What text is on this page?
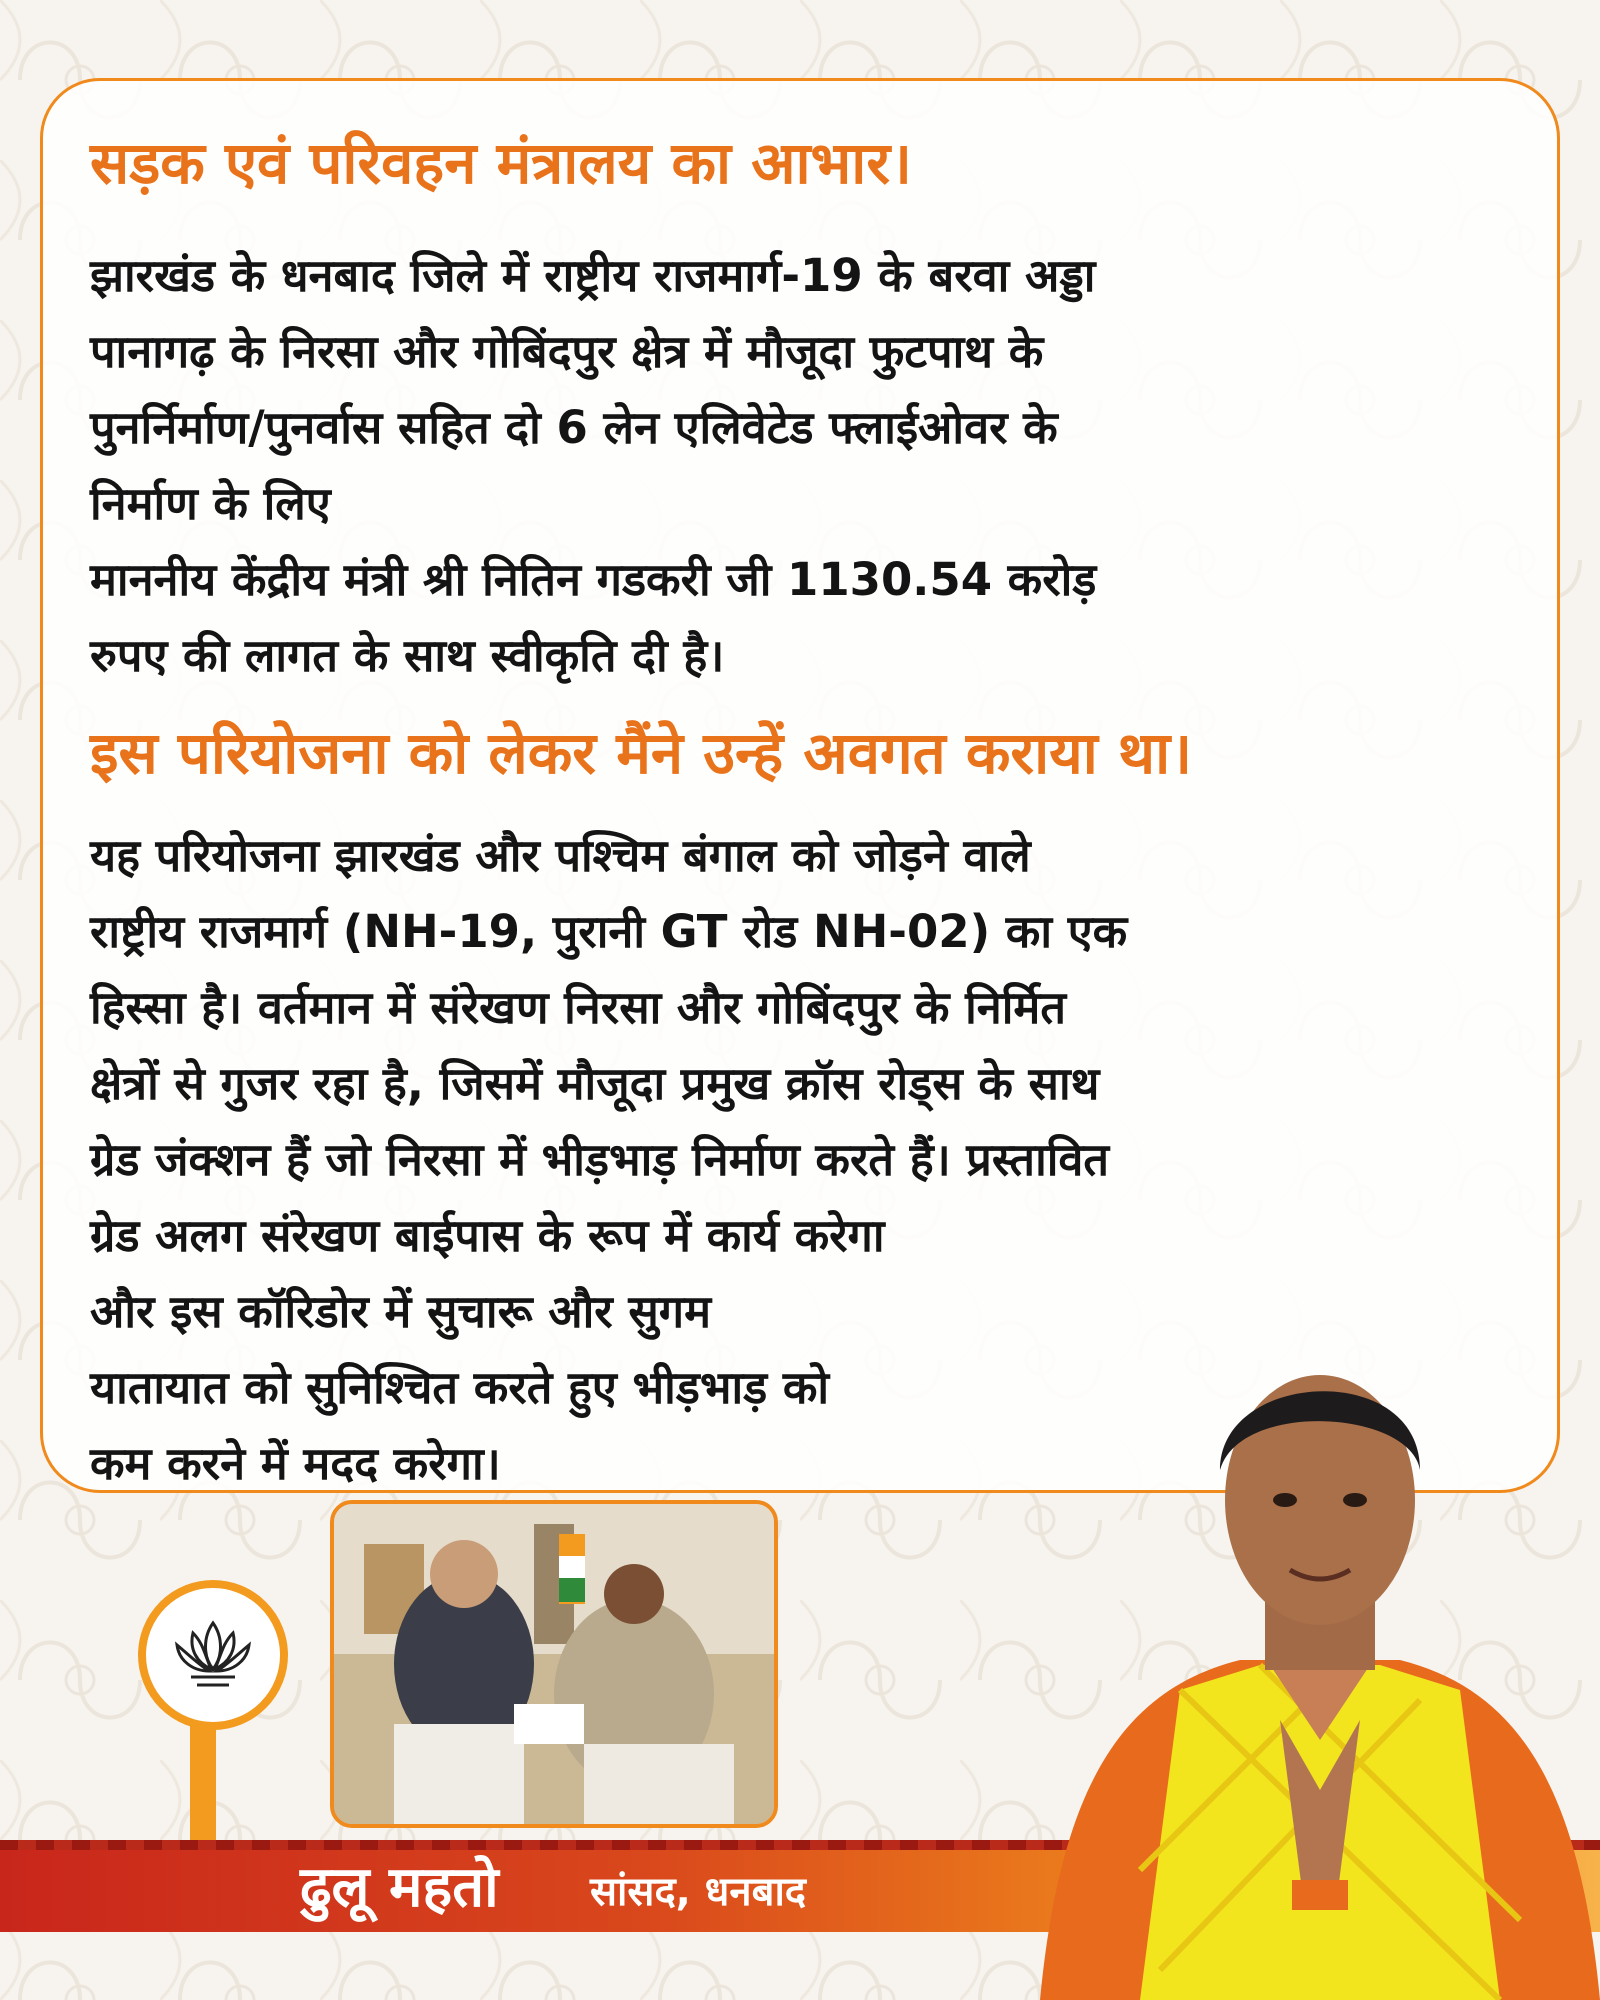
सड़क एवं परिवहन मंत्रालय का आभार।
झारखंड के धनबाद जिले में राष्ट्रीय राजमार्ग-19 के बरवा अड्डा
पानागढ़ के निरसा और गोबिंदपुर क्षेत्र में मौजूदा फुटपाथ के
पुनर्निर्माण/पुनर्वास सहित दो 6 लेन एलिवेटेड फ्लाईओवर के
निर्माण के लिए
माननीय केंद्रीय मंत्री श्री नितिन गडकरी जी 1130.54 करोड़
रुपए की लागत के साथ स्वीकृति दी है।
इस परियोजना को लेकर मैंने उन्हें अवगत कराया था।
यह परियोजना झारखंड और पश्चिम बंगाल को जोड़ने वाले
राष्ट्रीय राजमार्ग (NH-19, पुरानी GT रोड NH-02) का एक
हिस्सा है। वर्तमान में संरेखण निरसा और गोबिंदपुर के निर्मित
क्षेत्रों से गुजर रहा है, जिसमें मौजूदा प्रमुख क्रॉस रोड्स के साथ
ग्रेड जंक्शन हैं जो निरसा में भीड़भाड़ निर्माण करते हैं। प्रस्तावित
ग्रेड अलग संरेखण बाईपास के रूप में कार्य करेगा
और इस कॉरिडोर में सुचारू और सुगम
यातायात को सुनिश्चित करते हुए भीड़भाड़ को
कम करने में मदद करेगा।
ढुलू महतो सांसद, धनबाद
